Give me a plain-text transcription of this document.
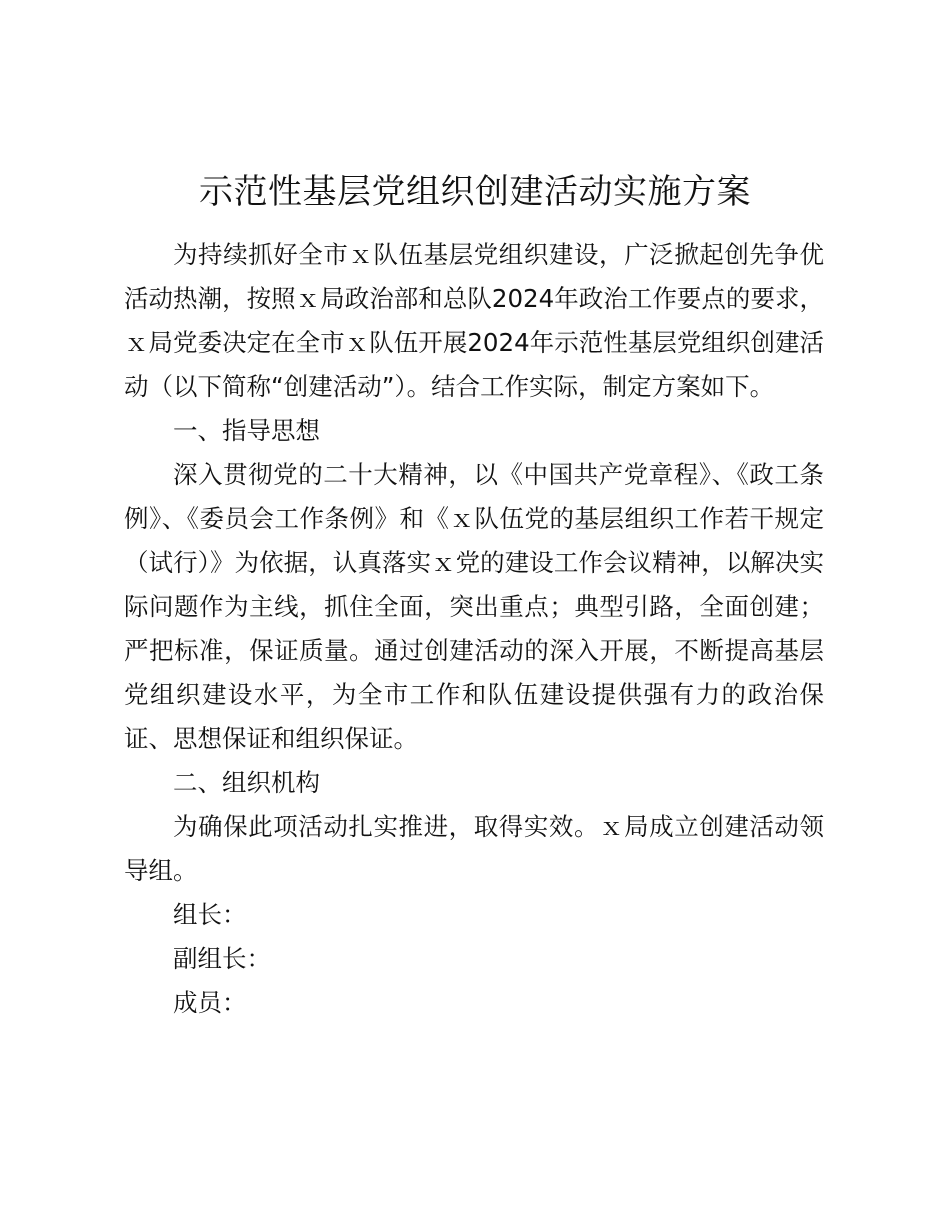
示范性基层党组织创建活动实施方案

为持续抓好全市ｘ队伍基层党组织建设，广泛掀起创先争优活动热潮，按照ｘ局政治部和总队2024年政治工作要点的要求，ｘ局党委决定在全市ｘ队伍开展2024年示范性基层党组织创建活动（以下简称“创建活动”）。结合工作实际，制定方案如下。

一、指导思想

深入贯彻党的二十大精神，以《中国共产党章程》、《政工条例》、《委员会工作条例》和《ｘ队伍党的基层组织工作若干规定（试行）》为依据，认真落实ｘ党的建设工作会议精神，以解决实际问题作为主线，抓住全面，突出重点；典型引路，全面创建；严把标准，保证质量。通过创建活动的深入开展，不断提高基层党组织建设水平，为全市工作和队伍建设提供强有力的政治保证、思想保证和组织保证。

二、组织机构

为确保此项活动扎实推进，取得实效。ｘ局成立创建活动领导组。

组长：

副组长：

成员：
